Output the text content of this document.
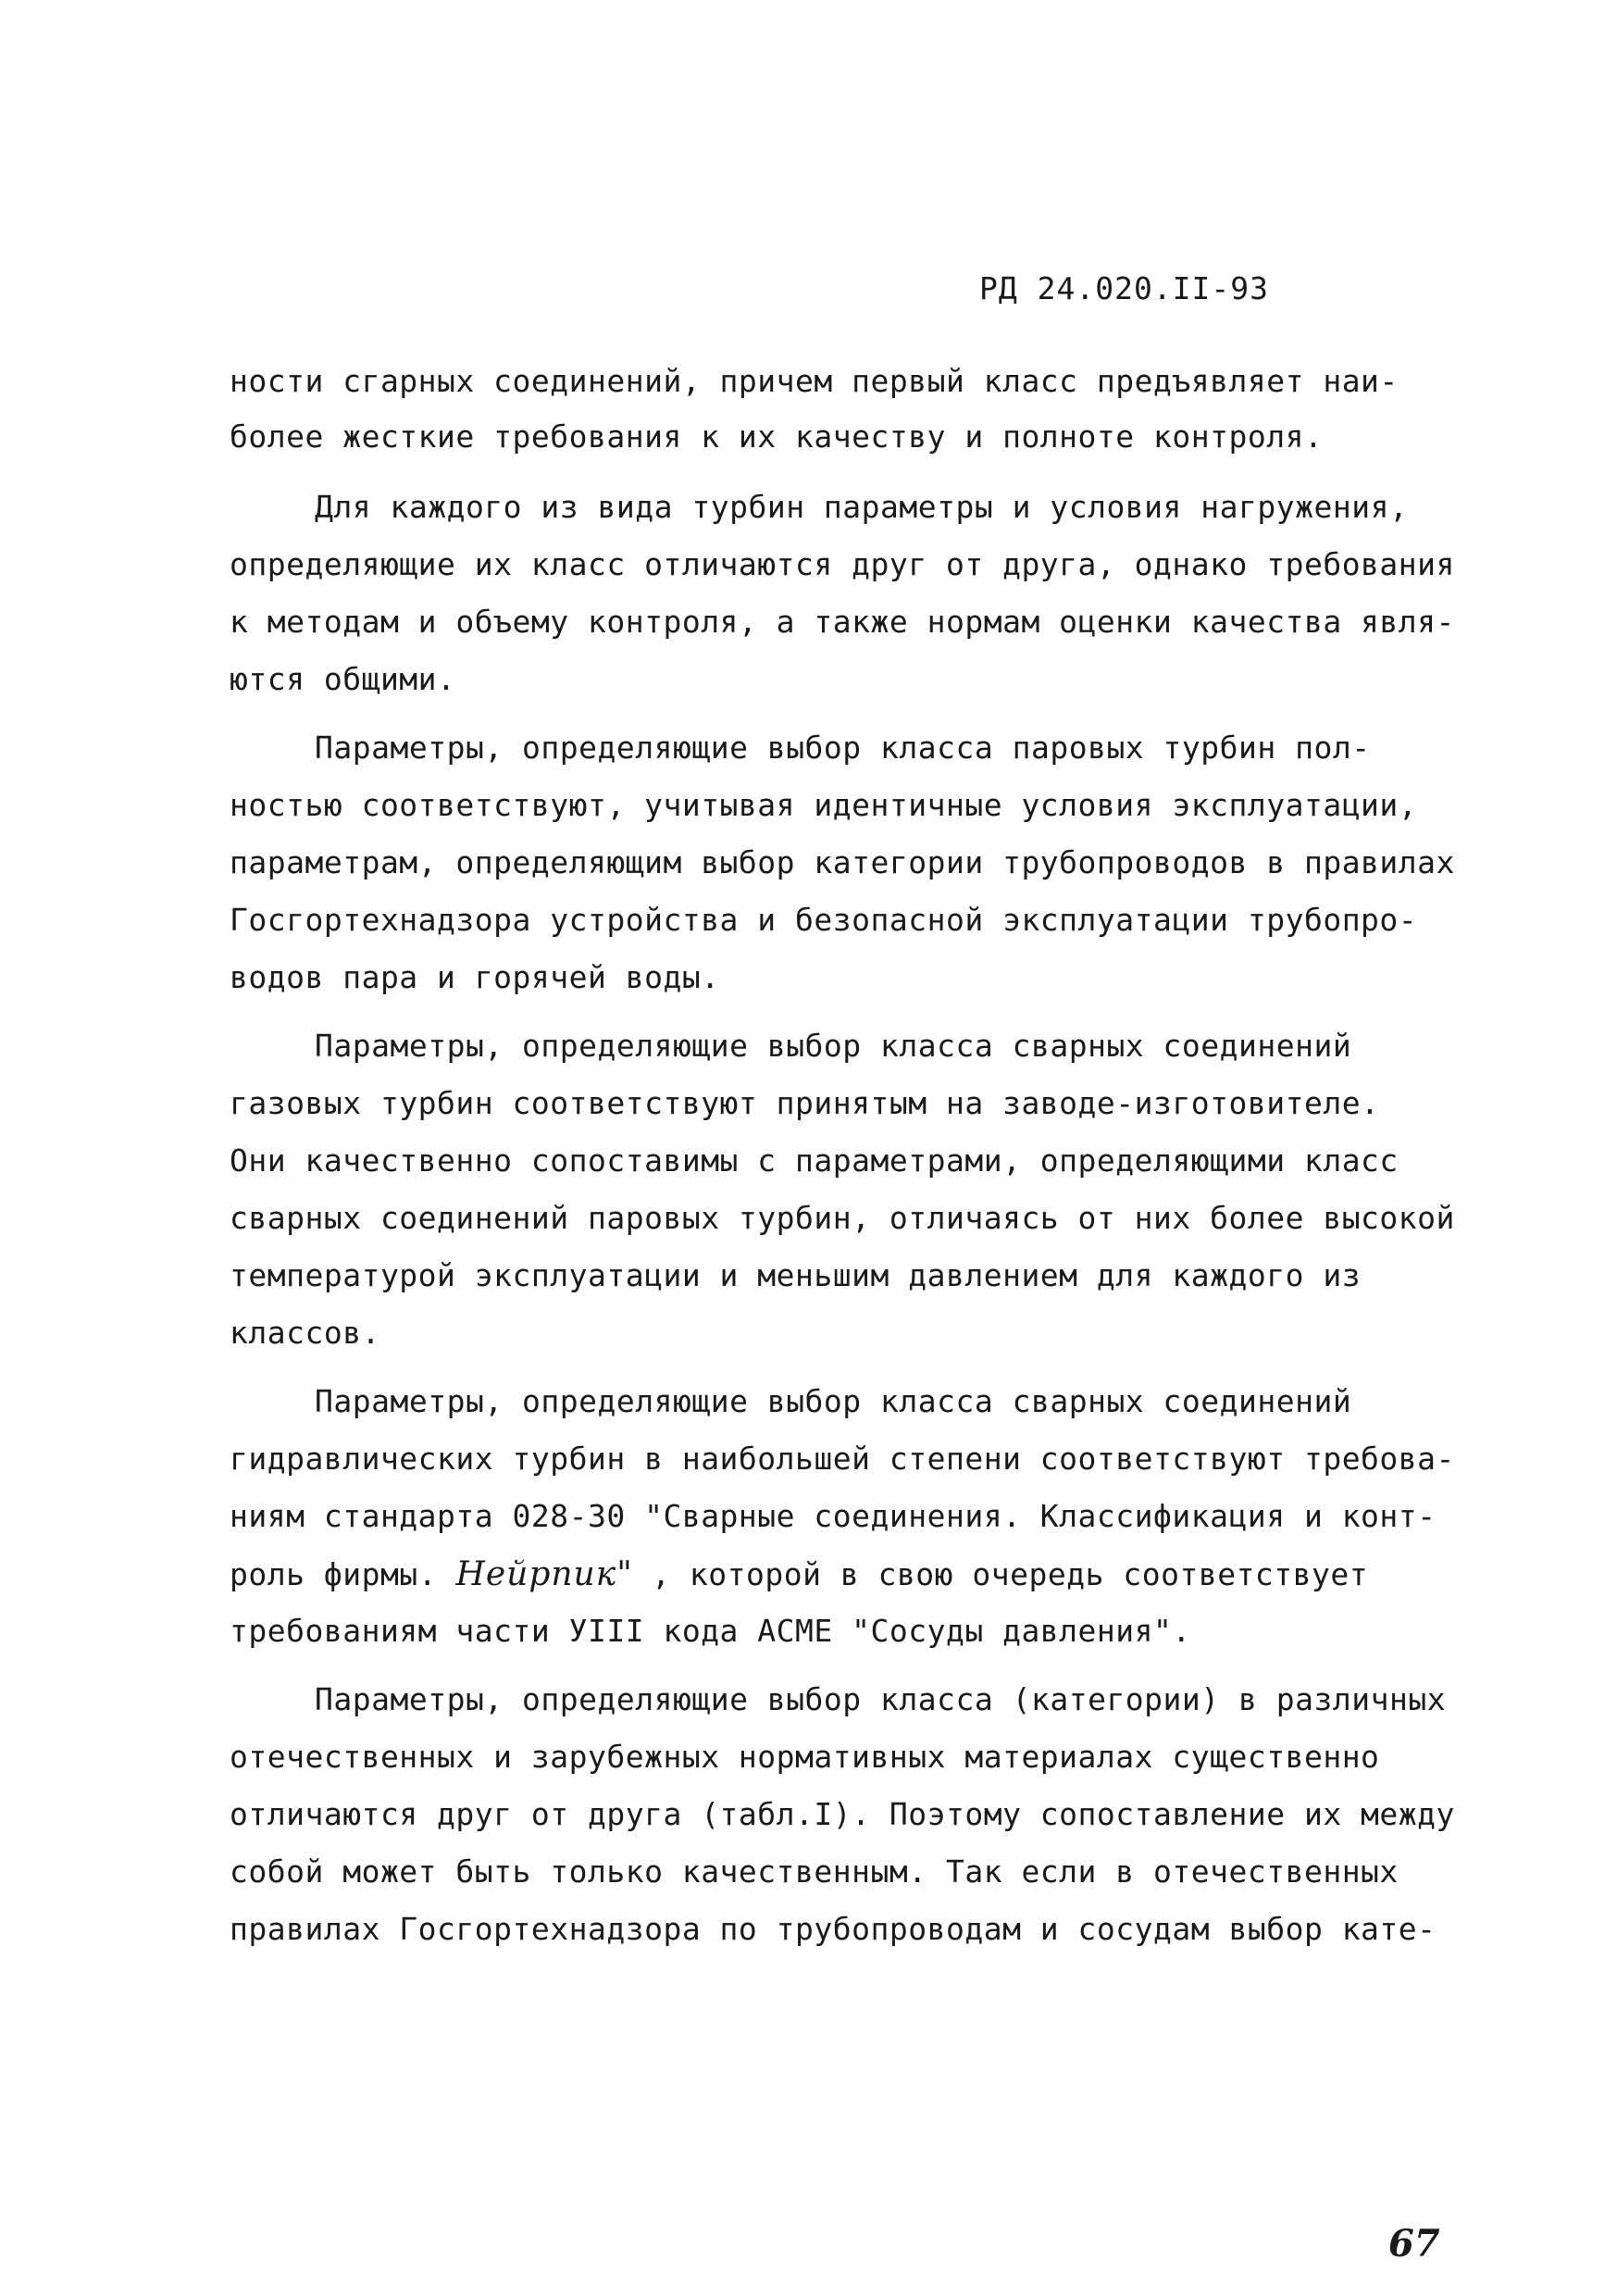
РД 24.020.II-93
ности сгарных соединений, причем первый класс предъявляет наи-
более жесткие требования к их качеству и полноте контроля.
Для каждого из вида турбин параметры и условия нагружения,
определяющие их класс отличаются друг от друга, однако требования
к методам и объему контроля, а также нормам оценки качества явля-
ются общими.
Параметры, определяющие выбор класса паровых турбин пол-
ностью соответствуют, учитывая идентичные условия эксплуатации,
параметрам, определяющим выбор категории трубопроводов в правилах
Госгортехнадзора устройства и безопасной эксплуатации трубопро-
водов пара и горячей воды.
Параметры, определяющие выбор класса сварных соединений
газовых турбин соответствуют принятым на заводе-изготовителе.
Они качественно сопоставимы с параметрами, определяющими класс
сварных соединений паровых турбин, отличаясь от них более высокой
температурой эксплуатации и меньшим давлением для каждого из
классов.
Параметры, определяющие выбор класса сварных соединений
гидравлических турбин в наибольшей степени соответствуют требова-
ниям стандарта 028-30 "Сварные соединения. Классификация и конт-
роль фирмы. Нейрпик" , которой в свою очередь соответствует
требованиям части УIII кода АСМЕ "Сосуды давления".
Параметры, определяющие выбор класса (категории) в различных
отечественных и зарубежных нормативных материалах существенно
отличаются друг от друга (табл.I). Поэтому сопоставление их между
собой может быть только качественным. Так если в отечественных
правилах Госгортехнадзора по трубопроводам и сосудам выбор кате-
67
